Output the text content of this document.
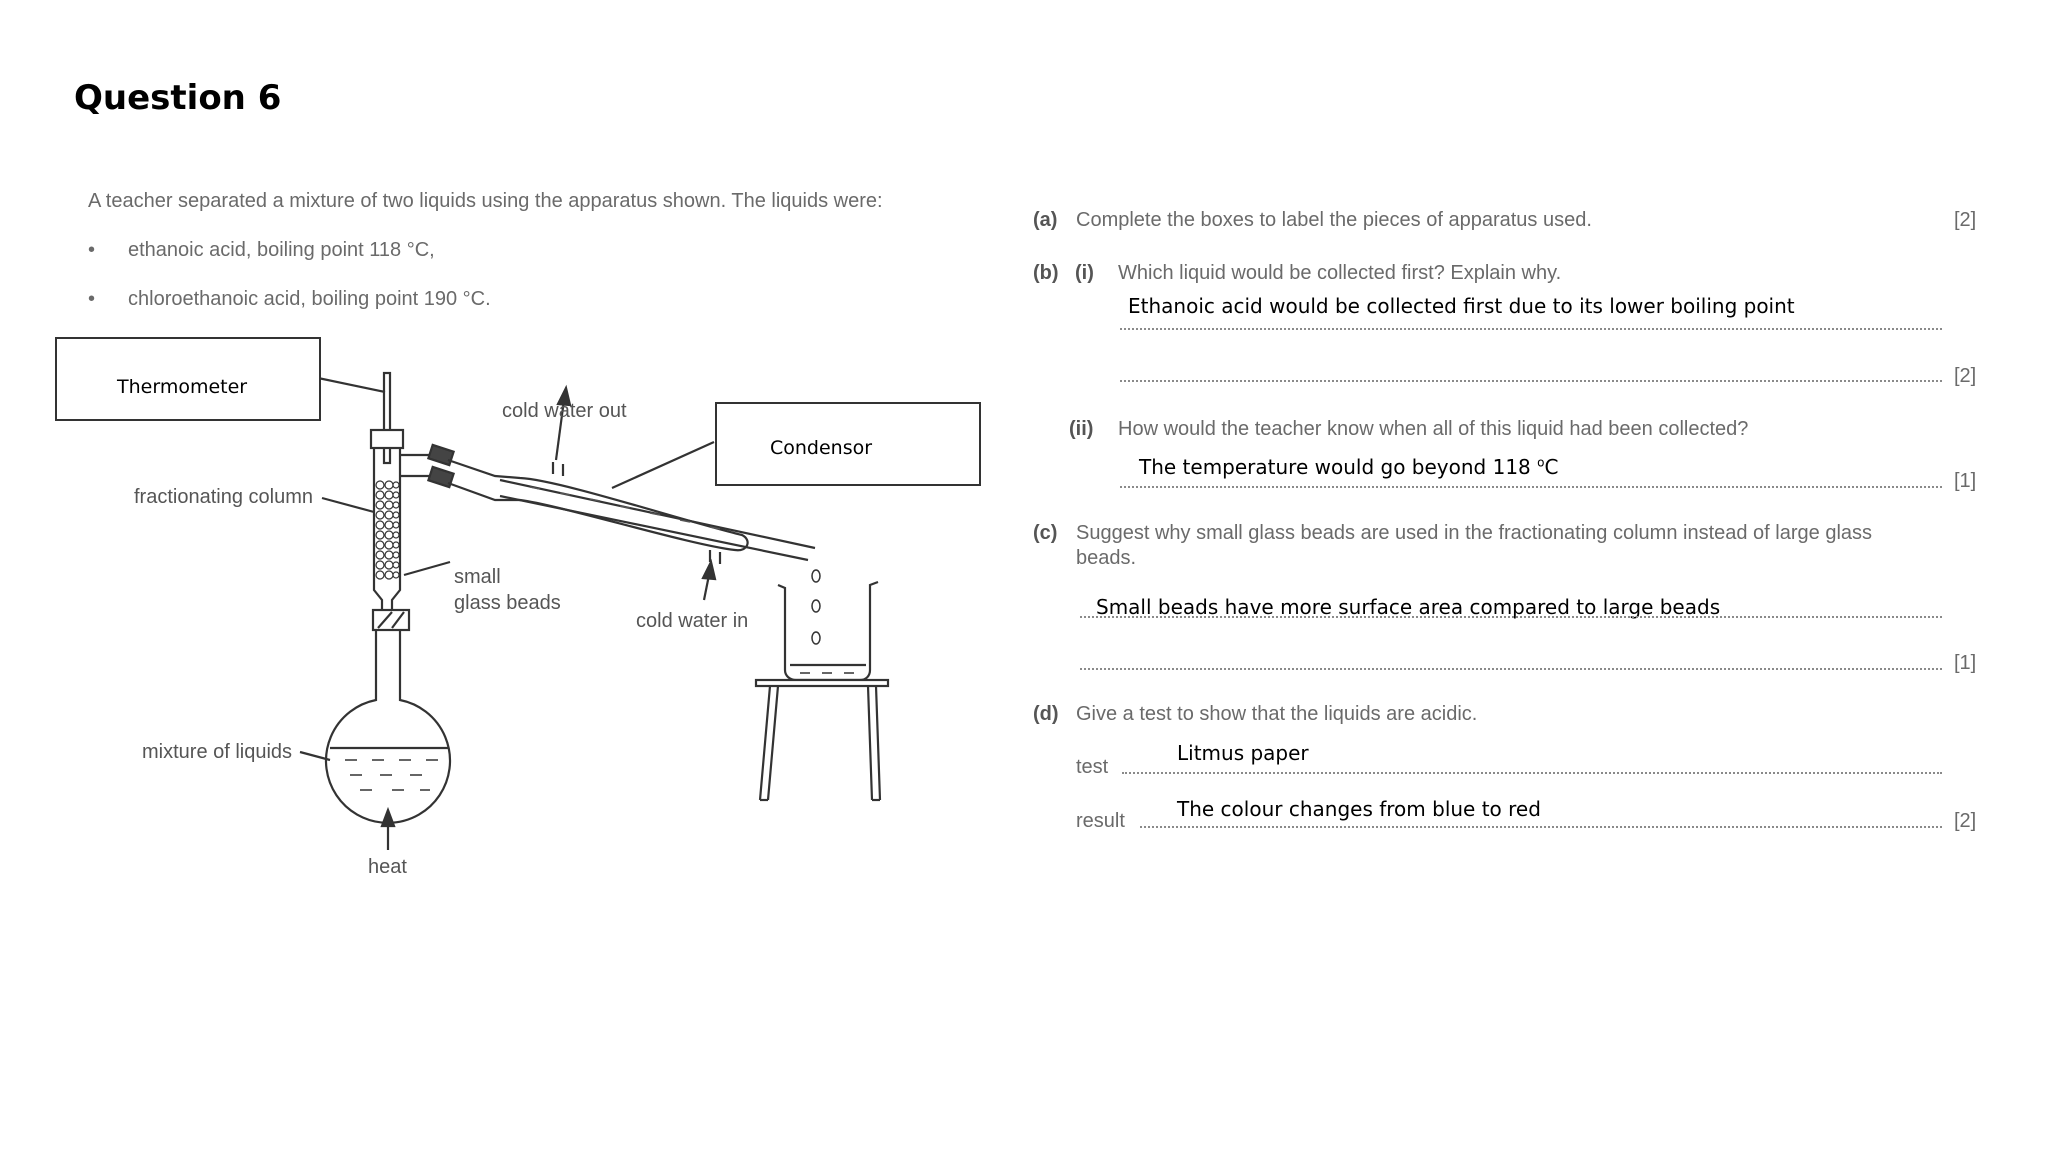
Question 6
A teacher separated a mixture of two liquids using the apparatus shown. The liquids were:
• ethanoic acid, boiling point 118 °C,
• chloroethanoic acid, boiling point 190 °C.
cold water out
fractionating column
small
glass beads
cold water in
mixture of liquids
heat
Thermometer
Condensor
(a) Complete the boxes to label the pieces of apparatus used.	[2]
(b) (i) Which liquid would be collected first? Explain why.
Ethanoic acid would be collected first due to its lower boiling point
[2]
(ii) How would the teacher know when all of this liquid had been collected?
The temperature would go beyond 118 $^o$C
[1]
(c) Suggest why small glass beads are used in the fractionating column instead of large glass
beads.
Small beads have more surface area compared to large beads
[1]
(d) Give a test to show that the liquids are acidic.
test
Litmus paper
result	The colour changes from blue to red	[2]
